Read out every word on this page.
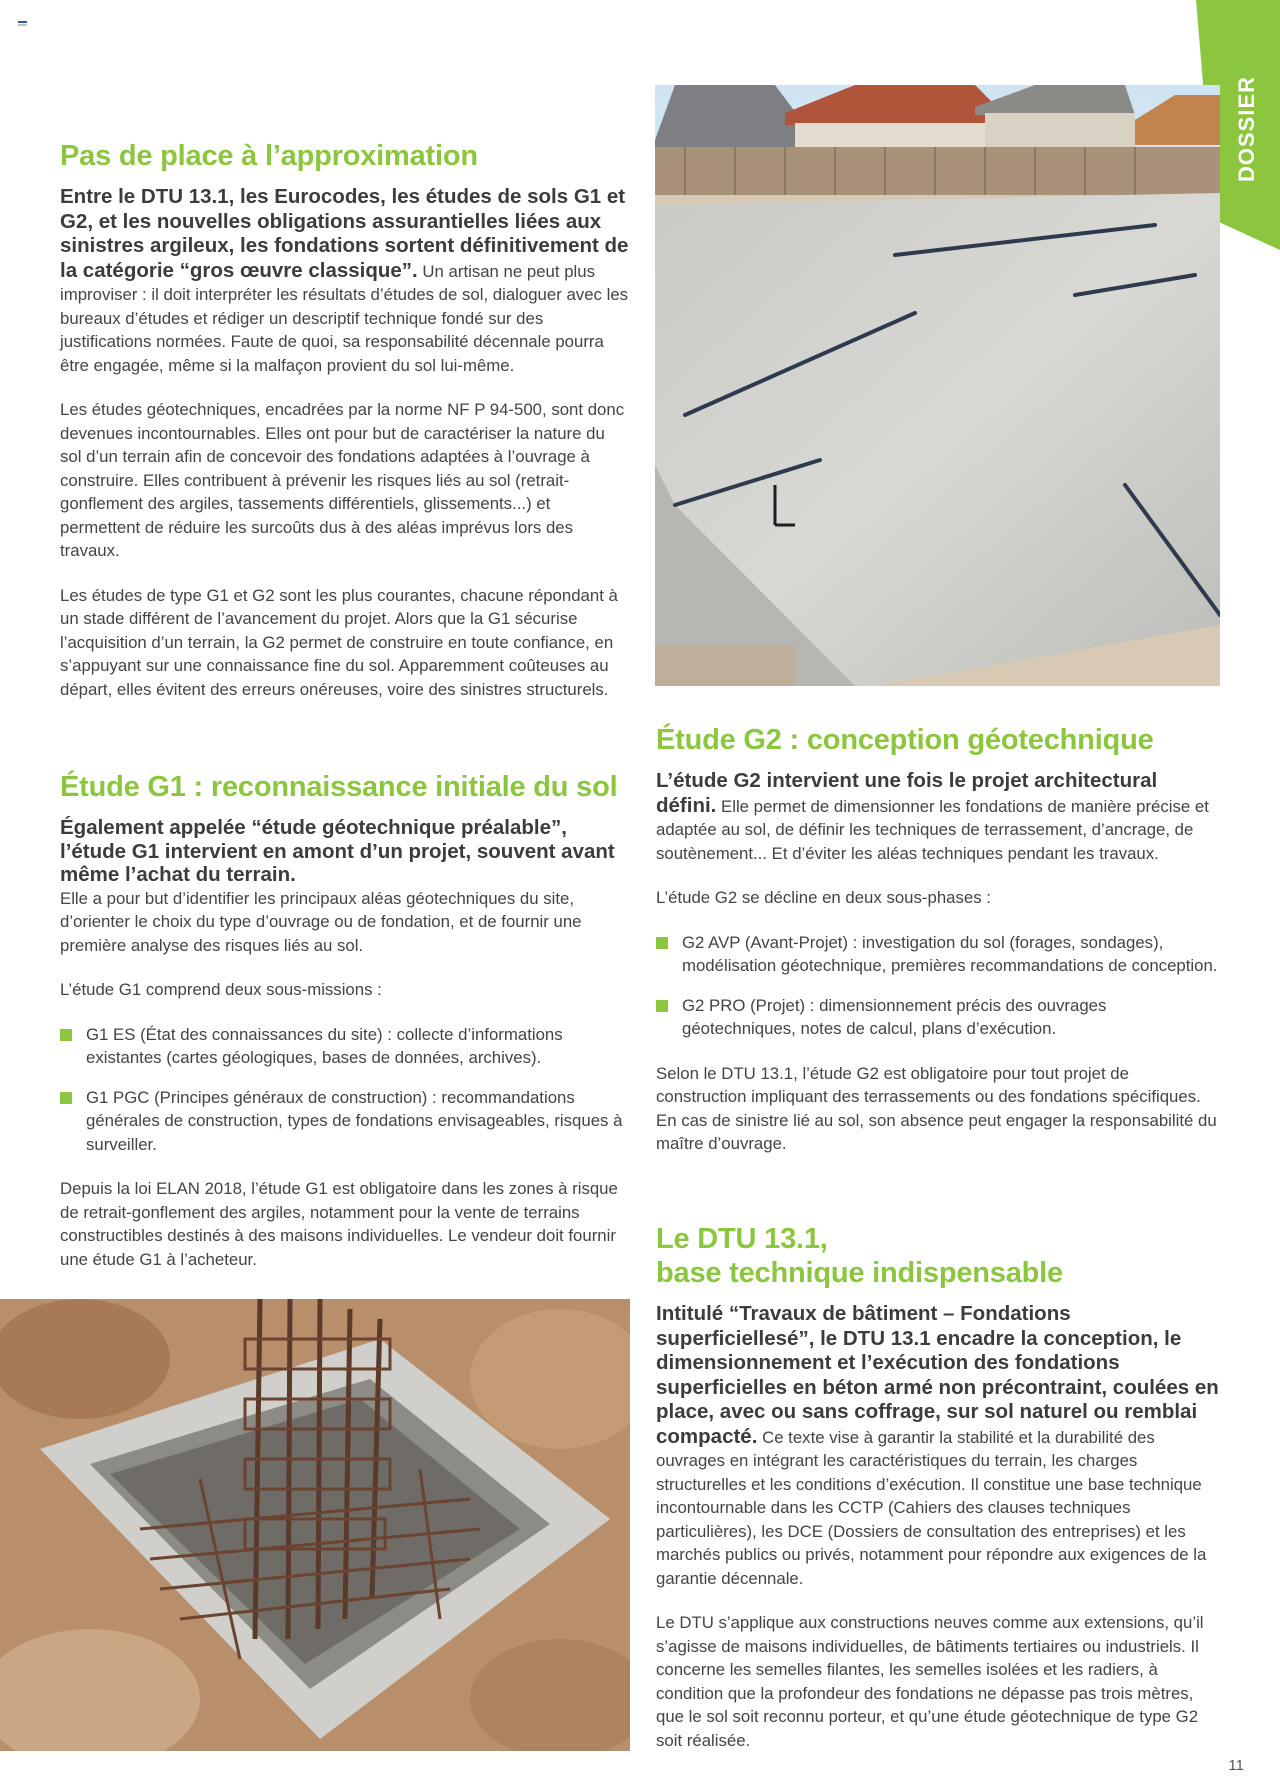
DOSSIER
Pas de place à l’approximation

Entre le DTU 13.1, les Eurocodes, les études de sols G1 et G2, et les nouvelles obligations assurantielles liées aux sinistres argileux, les fondations sortent définitivement de la catégorie “gros œuvre classique”. Un artisan ne peut plus improviser : il doit interpréter les résultats d’études de sol, dialoguer avec les bureaux d’études et rédiger un descriptif technique fondé sur des justifications normées. Faute de quoi, sa responsabilité décennale pourra être engagée, même si la malfaçon provient du sol lui-même.

Les études géotechniques, encadrées par la norme NF P 94-500, sont donc devenues incontournables. Elles ont pour but de caractériser la nature du sol d’un terrain afin de concevoir des fondations adaptées à l’ouvrage à construire. Elles contribuent à prévenir les risques liés au sol (retrait-gonflement des argiles, tassements différentiels, glissements...) et permettent de réduire les surcoûts dus à des aléas imprévus lors des travaux.

Les études de type G1 et G2 sont les plus courantes, chacune répondant à un stade différent de l’avancement du projet. Alors que la G1 sécurise l’acquisition d’un terrain, la G2 permet de construire en toute confiance, en s’appuyant sur une connaissance fine du sol. Apparemment coûteuses au départ, elles évitent des erreurs onéreuses, voire des sinistres structurels.

Étude G1 : reconnaissance initiale du sol

Également appelée “étude géotechnique préalable”, l’étude G1 intervient en amont d’un projet, souvent avant même l’achat du terrain.

Elle a pour but d’identifier les principaux aléas géotechniques du site, d’orienter le choix du type d’ouvrage ou de fondation, et de fournir une première analyse des risques liés au sol.

L’étude G1 comprend deux sous-missions :

G1 ES (État des connaissances du site) : collecte d’informations existantes (cartes géologiques, bases de données, archives).

G1 PGC (Principes généraux de construction) : recommandations générales de construction, types de fondations envisageables, risques à surveiller.

Depuis la loi ELAN 2018, l’étude G1 est obligatoire dans les zones à risque de retrait-gonflement des argiles, notamment pour la vente de terrains constructibles destinés à des maisons individuelles. Le vendeur doit fournir une étude G1 à l’acheteur.

Étude G2 : conception géotechnique

L’étude G2 intervient une fois le projet architectural défini. Elle permet de dimensionner les fondations de manière précise et adaptée au sol, de définir les techniques de terrassement, d’ancrage, de soutènement... Et d’éviter les aléas techniques pendant les travaux.

L’étude G2 se décline en deux sous-phases :

G2 AVP (Avant-Projet) : investigation du sol (forages, sondages), modélisation géotechnique, premières recommandations de conception.

G2 PRO (Projet) : dimensionnement précis des ouvrages géotechniques, notes de calcul, plans d’exécution.

Selon le DTU 13.1, l’étude G2 est obligatoire pour tout projet de construction impliquant des terrassements ou des fondations spécifiques. En cas de sinistre lié au sol, son absence peut engager la responsabilité du maître d’ouvrage.

Le DTU 13.1,
base technique indispensable

Intitulé “Travaux de bâtiment – Fondations superficiellesé”, le DTU 13.1 encadre la conception, le dimensionnement et l’exécution des fondations superficielles en béton armé non précontraint, coulées en place, avec ou sans coffrage, sur sol naturel ou remblai compacté. Ce texte vise à garantir la stabilité et la durabilité des ouvrages en intégrant les caractéristiques du terrain, les charges structurelles et les conditions d’exécution. Il constitue une base technique incontournable dans les CCTP (Cahiers des clauses techniques particulières), les DCE (Dossiers de consultation des entreprises) et les marchés publics ou privés, notamment pour répondre aux exigences de la garantie décennale.

Le DTU s’applique aux constructions neuves comme aux extensions, qu’il s’agisse de maisons individuelles, de bâtiments tertiaires ou industriels. Il concerne les semelles filantes, les semelles isolées et les radiers, à condition que la profondeur des fondations ne dépasse pas trois mètres, que le sol soit reconnu porteur, et qu’une étude géotechnique de type G2 soit réalisée.

11
